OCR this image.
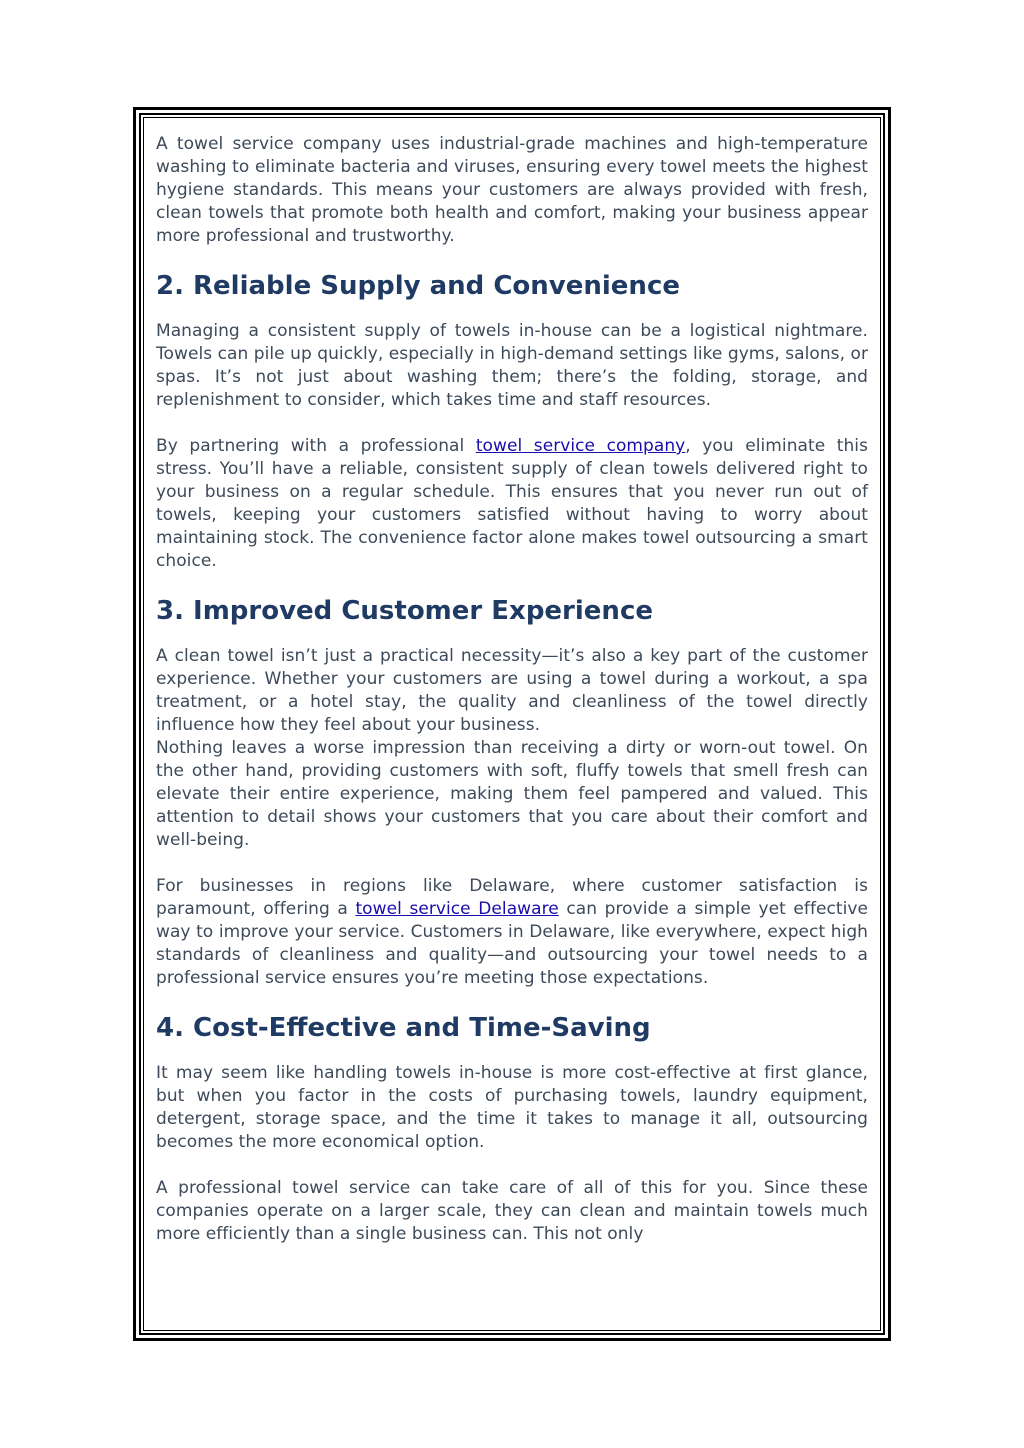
A towel service company uses industrial-grade machines and high-temperature washing to eliminate bacteria and viruses, ensuring every towel meets the highest hygiene standards. This means your customers are always provided with fresh, clean towels that promote both health and comfort, making your business appear more professional and trustworthy.

2. Reliable Supply and Convenience

Managing a consistent supply of towels in-house can be a logistical nightmare. Towels can pile up quickly, especially in high-demand settings like gyms, salons, or spas. It’s not just about washing them; there’s the folding, storage, and replenishment to consider, which takes time and staff resources.

By partnering with a professional towel service company, you eliminate this stress. You’ll have a reliable, consistent supply of clean towels delivered right to your business on a regular schedule. This ensures that you never run out of towels, keeping your customers satisfied without having to worry about maintaining stock. The convenience factor alone makes towel outsourcing a smart choice.

3. Improved Customer Experience

A clean towel isn’t just a practical necessity—it’s also a key part of the customer experience. Whether your customers are using a towel during a workout, a spa treatment, or a hotel stay, the quality and cleanliness of the towel directly influence how they feel about your business.

Nothing leaves a worse impression than receiving a dirty or worn-out towel. On the other hand, providing customers with soft, fluffy towels that smell fresh can elevate their entire experience, making them feel pampered and valued. This attention to detail shows your customers that you care about their comfort and well-being.

For businesses in regions like Delaware, where customer satisfaction is paramount, offering a towel service Delaware can provide a simple yet effective way to improve your service. Customers in Delaware, like everywhere, expect high standards of cleanliness and quality—and outsourcing your towel needs to a professional service ensures you’re meeting those expectations.

4. Cost-Effective and Time-Saving

It may seem like handling towels in-house is more cost-effective at first glance, but when you factor in the costs of purchasing towels, laundry equipment, detergent, storage space, and the time it takes to manage it all, outsourcing becomes the more economical option.

A professional towel service can take care of all of this for you. Since these companies operate on a larger scale, they can clean and maintain towels much more efficiently than a single business can. This not only
